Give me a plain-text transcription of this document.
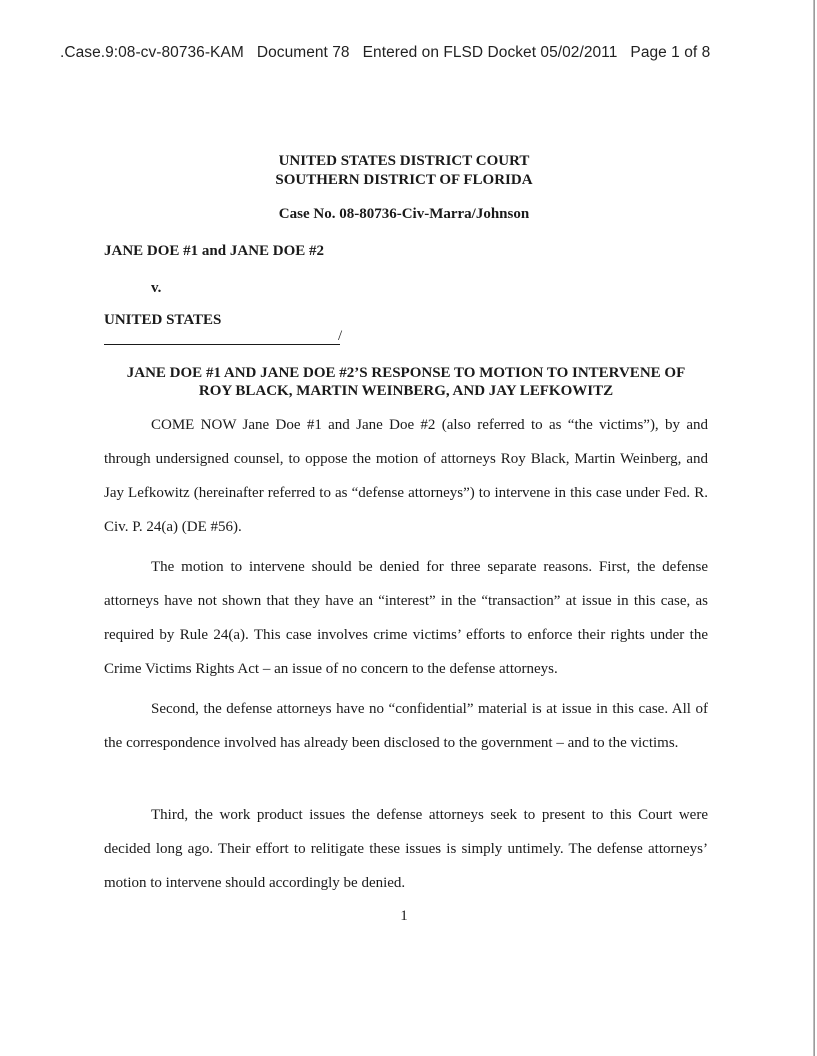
.Case.9:08-cv-80736-KAM   Document 78   Entered on FLSD Docket 05/02/2011   Page 1 of 8
UNITED STATES DISTRICT COURT
SOUTHERN DISTRICT OF FLORIDA
Case No. 08-80736-Civ-Marra/Johnson
JANE DOE #1 and JANE DOE #2
v.
UNITED STATES
/
JANE DOE #1 AND JANE DOE #2’S RESPONSE TO MOTION TO INTERVENE OF
ROY BLACK, MARTIN WEINBERG, AND JAY LEFKOWITZ

COME NOW Jane Doe #1 and Jane Doe #2 (also referred to as “the victims”), by and through undersigned counsel, to oppose the motion of attorneys Roy Black, Martin Weinberg, and Jay Lefkowitz (hereinafter referred to as “defense attorneys”) to intervene in this case under Fed. R. Civ. P. 24(a) (DE #56).

The motion to intervene should be denied for three separate reasons. First, the defense attorneys have not shown that they have an “interest” in the “transaction” at issue in this case, as required by Rule 24(a). This case involves crime victims’ efforts to enforce their rights under the Crime Victims Rights Act – an issue of no concern to the defense attorneys.

Second, the defense attorneys have no “confidential” material is at issue in this case. All of the correspondence involved has already been disclosed to the government – and to the victims.

Third, the work product issues the defense attorneys seek to present to this Court were decided long ago. Their effort to relitigate these issues is simply untimely. The defense attorneys’ motion to intervene should accordingly be denied.

1
